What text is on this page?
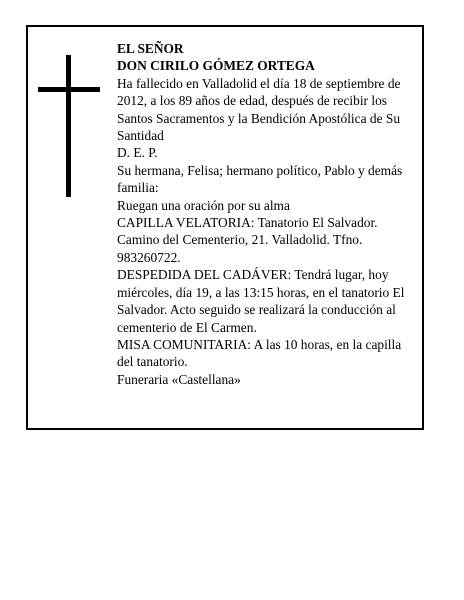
EL SEÑOR

DON CIRILO GÓMEZ ORTEGA

Ha fallecido en Valladolid el día 18 de septiembre de 2012, a los 89 años de edad, después de recibir los Santos Sacramentos y la Bendición Apostólica de Su Santidad

D. E. P.

Su hermana, Felisa; hermano político, Pablo y demás familia:

Ruegan una oración por su alma

CAPILLA VELATORIA: Tanatorio El Salvador. Camino del Cementerio, 21. Valladolid. Tfno. 983260722.

DESPEDIDA DEL CADÁVER: Tendrá lugar, hoy miércoles, día 19, a las 13:15 horas, en el tanatorio El Salvador. Acto seguido se realizará la conducción al cementerio de El Carmen.

MISA COMUNITARIA: A las 10 horas, en la capilla del tanatorio.

Funeraria «Castellana»
